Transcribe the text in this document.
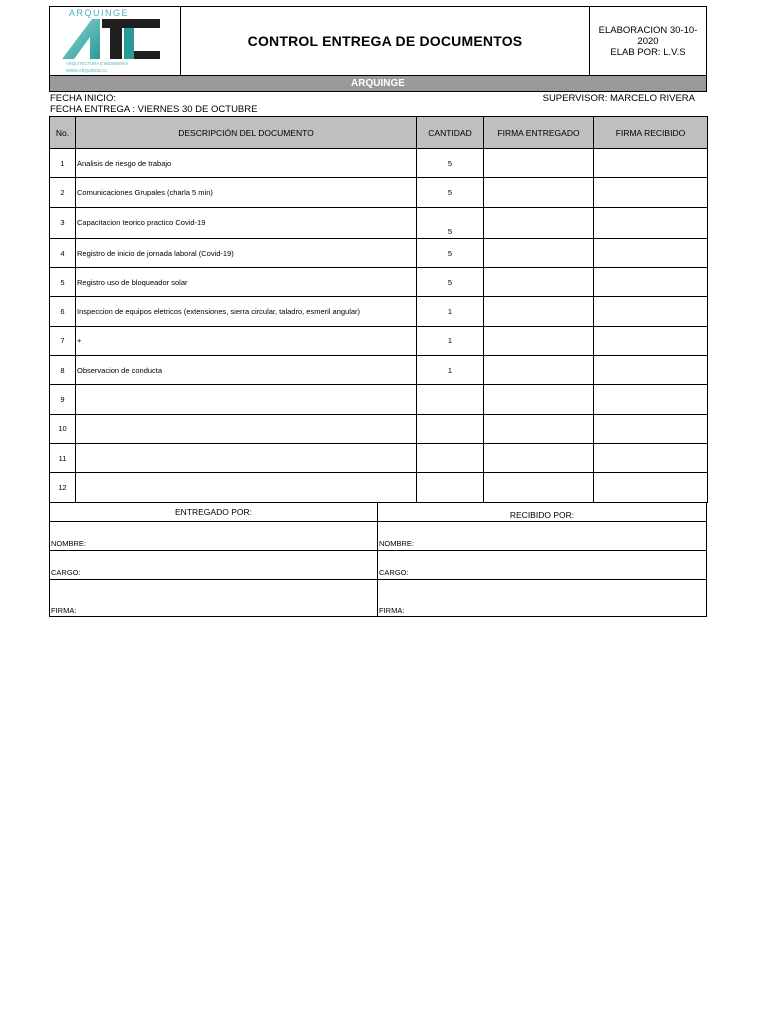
ARQUINGE
ARQUITECTURA E INGENIERIA
WWW.ARQUINGE.CL
CONTROL ENTREGA DE DOCUMENTOS
ELABORACION 30-10-
2020
ELAB POR: L.V.S
ARQUINGE
FECHA INICIO:
FECHA ENTREGA : VIERNES 30 DE OCTUBRE
SUPERVISOR: MARCELO RIVERA
No.	DESCRIPCIÓN DEL DOCUMENTO	CANTIDAD	FIRMA ENTREGADO	FIRMA RECIBIDO
1	Analisis de riesgo de trabajo	5		
2	Comunicaciones Grupales (charla 5 min)	5		
3	Capacitacion teorico practico Covid-19	5		
4	Registro de inicio de jornada laboral (Covid-19)	5		
5	Registro uso de bloqueador solar	5		
6	Inspeccion de equipos eletricos (extensiones, sierra circular, taladro, esmeril angular)	1		
7	+	1		
8	Observacion de conducta	1		
9				
10				
11				
12				
ENTREGADO POR:	RECIBIDO POR:
NOMBRE:	NOMBRE:
CARGO:	CARGO:
FIRMA:	FIRMA:
